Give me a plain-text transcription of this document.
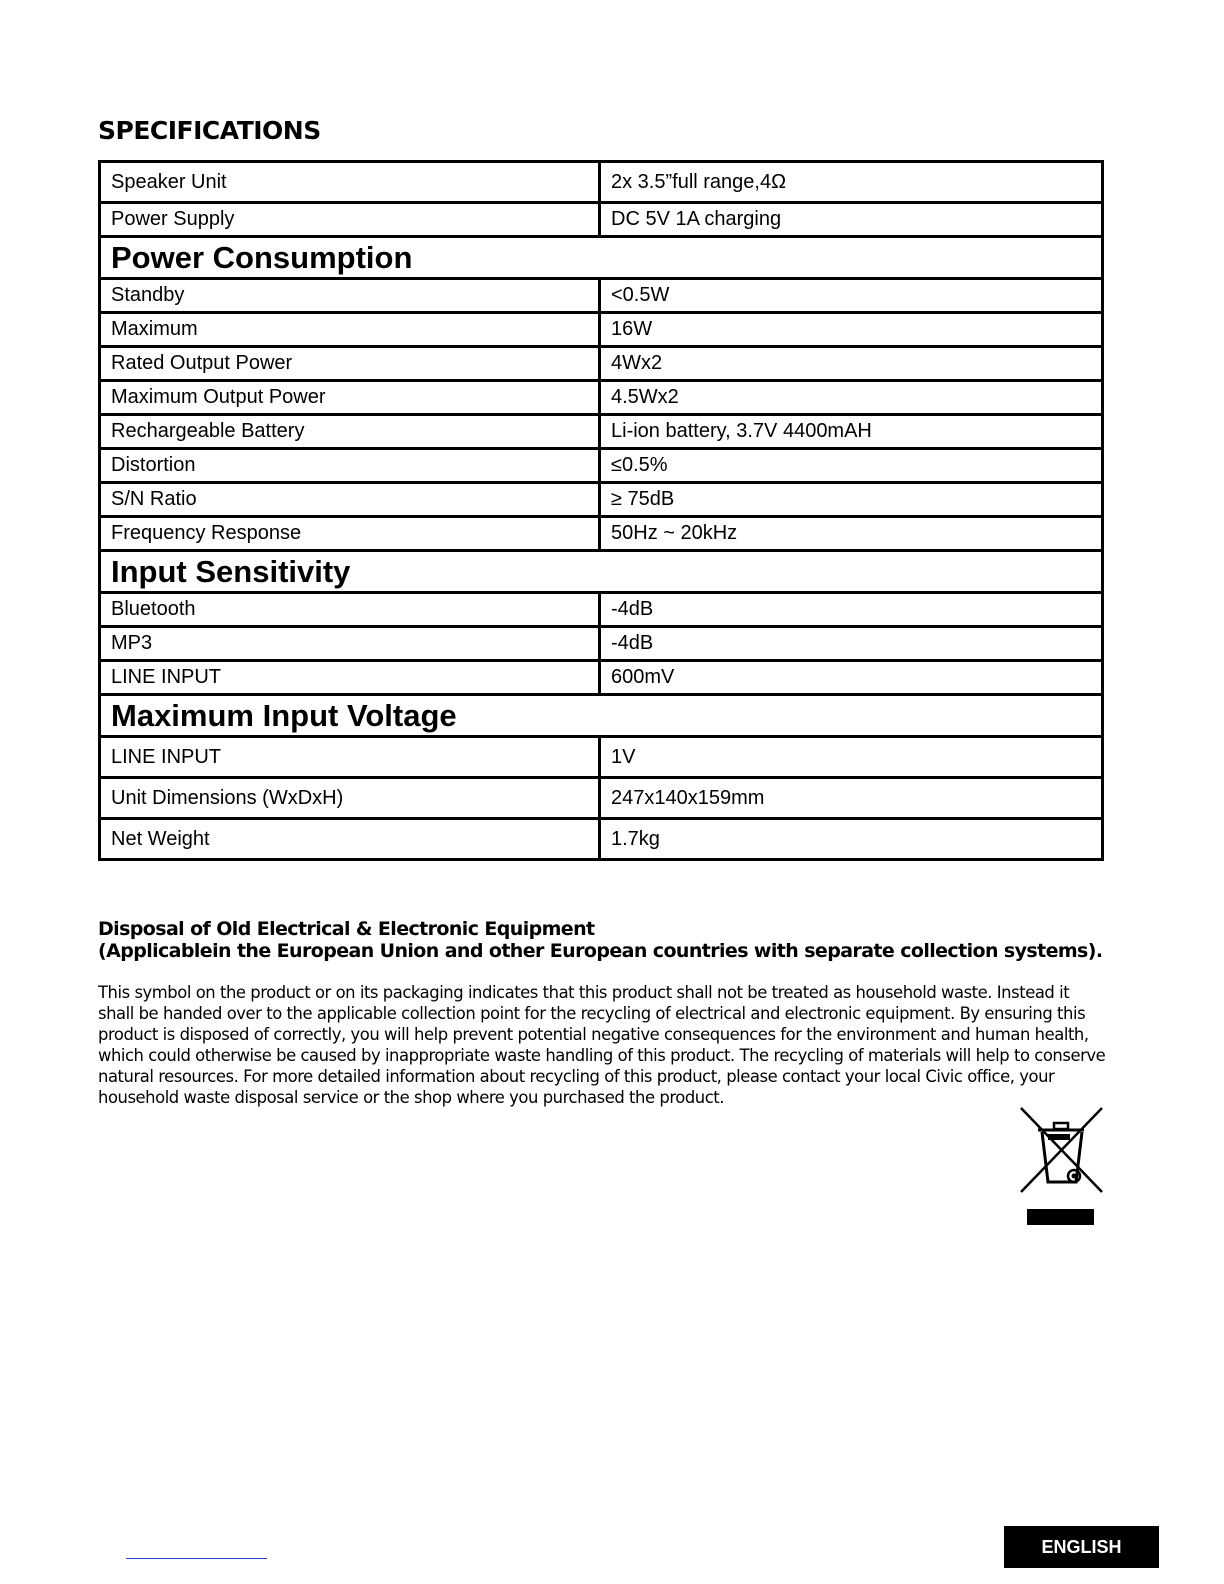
SPECIFICATIONS
Speaker Unit	2x 3.5”full range,4Ω
Power Supply	DC 5V 1A charging
Power Consumption	
Standby	<0.5W
Maximum	16W
Rated Output Power	4Wx2
Maximum Output Power	4.5Wx2
Rechargeable Battery	Li-ion battery, 3.7V 4400mAH
Distortion	≤0.5%
S/N Ratio	≥ 75dB
Frequency Response	50Hz ~ 20kHz
Input Sensitivity	
Bluetooth	-4dB
MP3	-4dB
LINE INPUT	600mV
Maximum Input Voltage	
LINE INPUT	1V
Unit Dimensions (WxDxH)	247x140x159mm
Net Weight	1.7kg
Disposal of Old Electrical & Electronic Equipment
(Applicablein the European Union and other European countries with separate collection systems).

This symbol on the product or on its packaging indicates that this product shall not be treated as household waste. Instead it shall be handed over to the applicable collection point for the recycling of electrical and electronic equipment. By ensuring this product is disposed of correctly, you will help prevent potential negative consequences for the environment and human health, which could otherwise be caused by inappropriate waste handling of this product. The recycling of materials will help to conserve natural resources. For more detailed information about recycling of this product, please contact your local Civic office, your household waste disposal service or the shop where you purchased the product.

ENGLISH
